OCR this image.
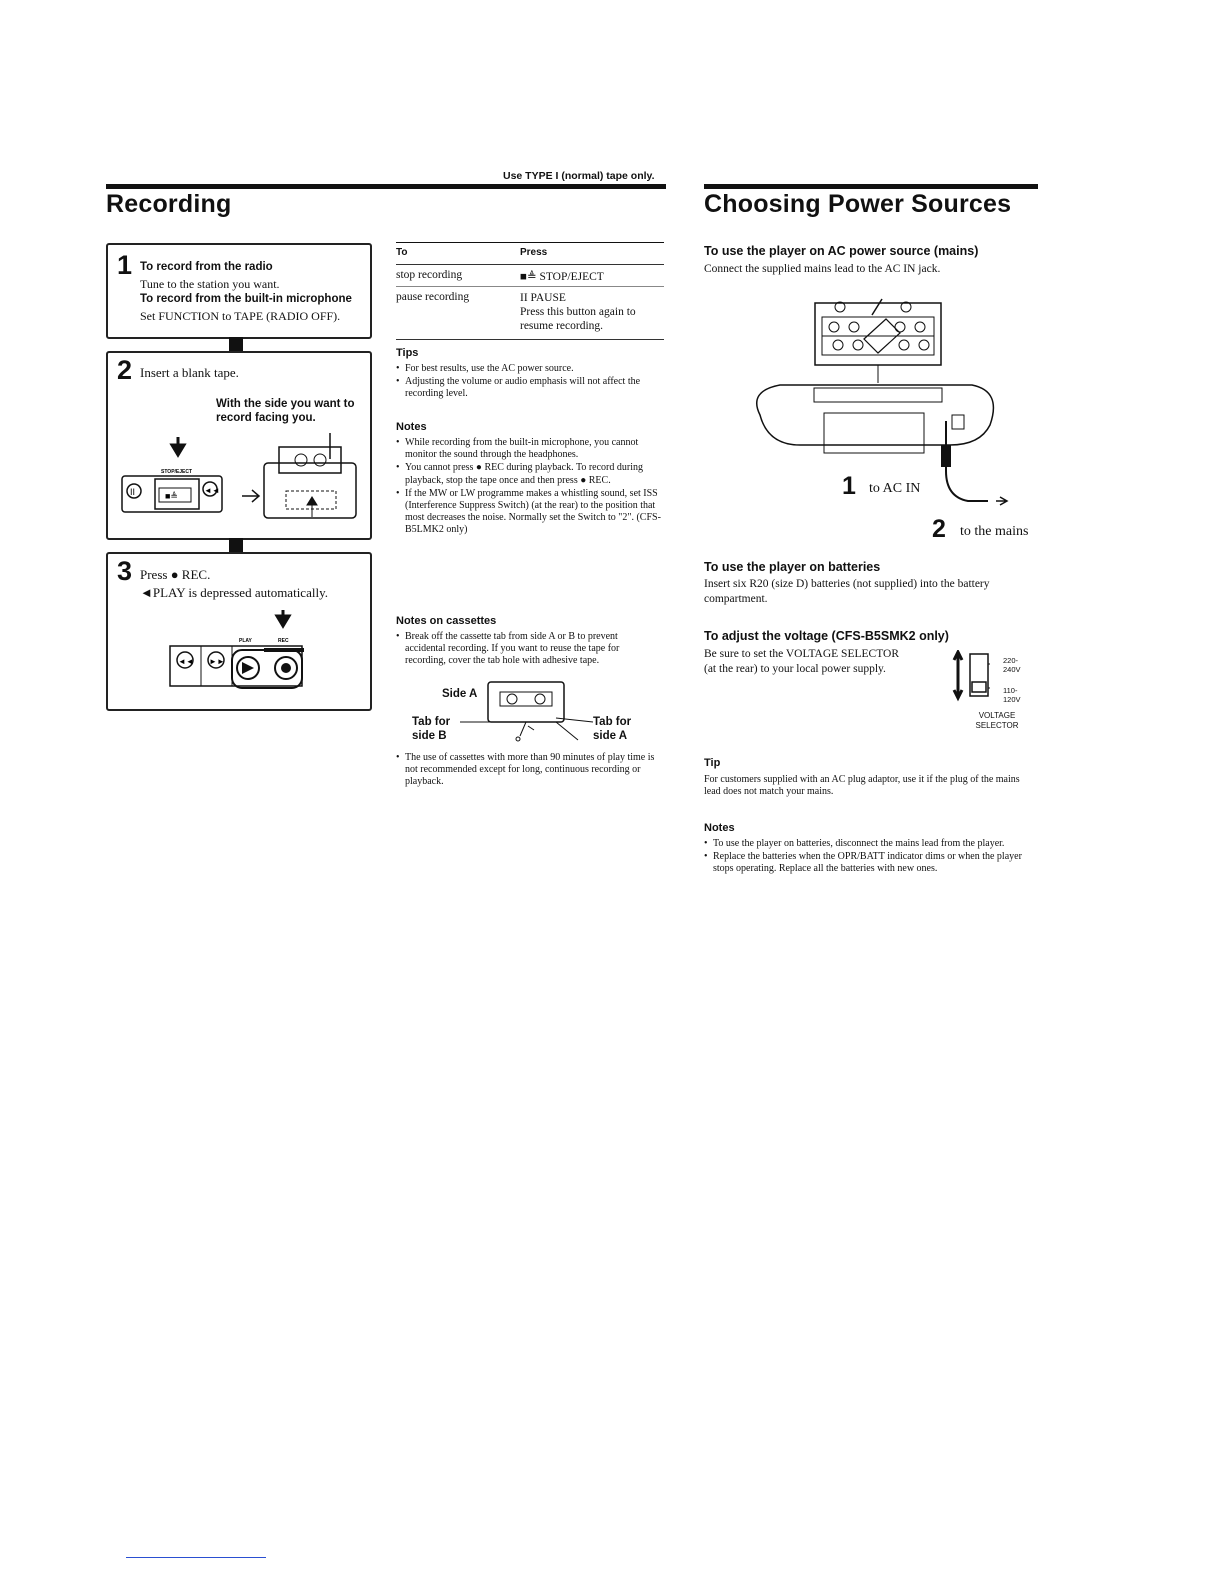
Use TYPE I (normal) tape only.
Recording
1 To record from the radio
Tune to the station you want.
To record from the built-in microphone
Set FUNCTION to TAPE (RADIO OFF).
2 Insert a blank tape.
With the side you want to record facing you.
STOP/EJECT
II	■≜
◄◄
3 Press ● REC.
◄PLAY is depressed automatically.
PLAY	REC
◄◄ ►►
To	Press
stop recording	■≜ STOP/EJECT
pause recording	II PAUSE
Press this button again to resume recording.
Tips
• For best results, use the AC power source.
• Adjusting the volume or audio emphasis will not affect the recording level.
Notes
• While recording from the built-in microphone, you cannot monitor the sound through the headphones.
• You cannot press ● REC during playback. To record during playback, stop the tape once and then press ● REC.
• If the MW or LW programme makes a whistling sound, set ISS (Interference Suppress Switch) (at the rear) to the position that most decreases the noise. Normally set the Switch to "2". (CFS-B5LMK2 only)
Notes on cassettes
• Break off the cassette tab from side A or B to prevent accidental recording. If you want to reuse the tape for recording, cover the tab hole with adhesive tape.
Side A
Tab for side B
Tab for side A
• The use of cassettes with more than 90 minutes of play time is not recommended except for long, continuous recording or playback.
Choosing Power Sources
To use the player on AC power source (mains)
Connect the supplied mains lead to the AC IN jack.
1 to AC IN
2 to the mains
To use the player on batteries
Insert six R20 (size D) batteries (not supplied) into the battery compartment.
To adjust the voltage (CFS-B5SMK2 only)
Be sure to set the VOLTAGE SELECTOR (at the rear) to your local power supply.
220-240V
110-120V
VOLTAGE SELECTOR
Tip
For customers supplied with an AC plug adaptor, use it if the plug of the mains lead does not match your mains.
Notes
• To use the player on batteries, disconnect the mains lead from the player.
• Replace the batteries when the OPR/BATT indicator dims or when the player stops operating. Replace all the batteries with new ones.
